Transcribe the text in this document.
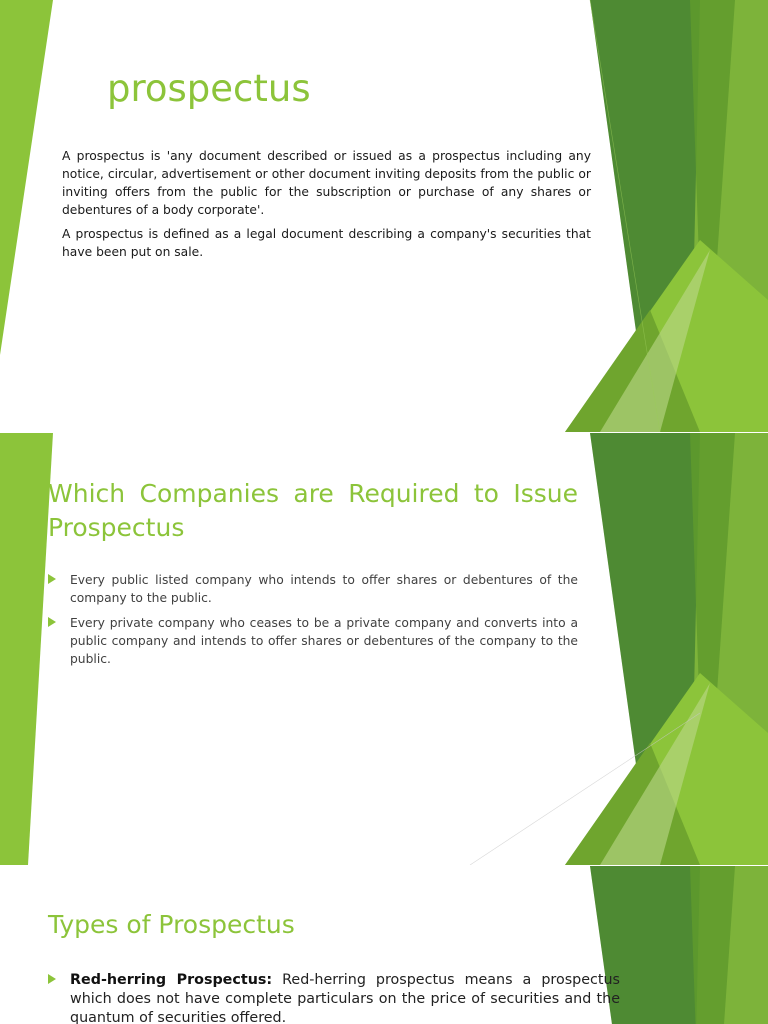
prospectus

A prospectus is 'any document described or issued as a prospectus including any notice, circular, advertisement or other document inviting deposits from the public or inviting offers from the public for the subscription or purchase of any shares or debentures of a body corporate'.

A prospectus is defined as a legal document describing a company's securities that have been put on sale.

Which Companies are Required to Issue Prospectus
Every public listed company who intends to offer shares or debentures of the company to the public.
Every private company who ceases to be a private company and converts into a public company and intends to offer shares or debentures of the company to the public.
Types of Prospectus
Red-herring Prospectus: Red-herring prospectus means a prospectus which does not have complete particulars on the price of securities and the quantum of securities offered.
